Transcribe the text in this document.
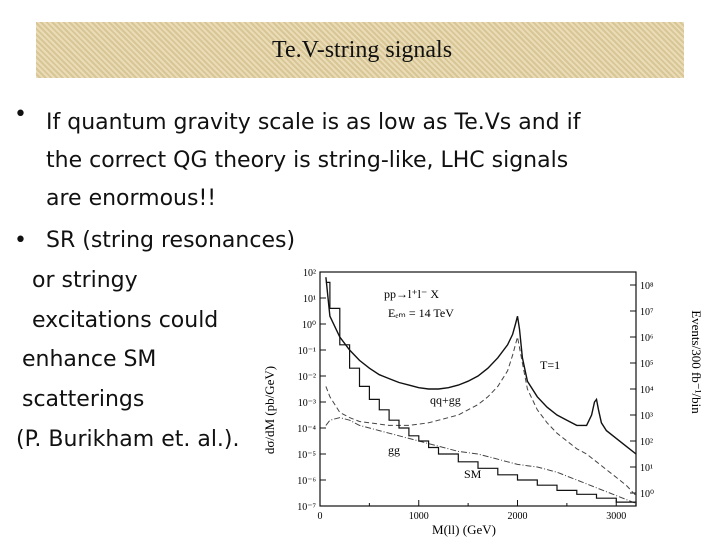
Te.V-string signals
• If quantum gravity scale is as low as Te.Vs and if

the correct QG theory is string-like, LHC signals

are enormous!!

• SR (string resonances)
or stringy
excitations could
enhance SM
scatterings
(P. Burikham et. al.).
10²
10¹
10⁰
10⁻¹
10⁻²
10⁻³
10⁻⁴
10⁻⁵
10⁻⁶
10⁻⁷
10⁸
10⁷
10⁶
10⁵
10⁴
10³
10²
10¹
10⁰
0	1000	2000	3000
pp→l⁺l⁻ X
Eₑₘ = 14 TeV
T=1
qq+gg
gg
SM
M(ll) (GeV)
dσ/dM (pb/GeV)	Events/300 fb⁻¹/bin
